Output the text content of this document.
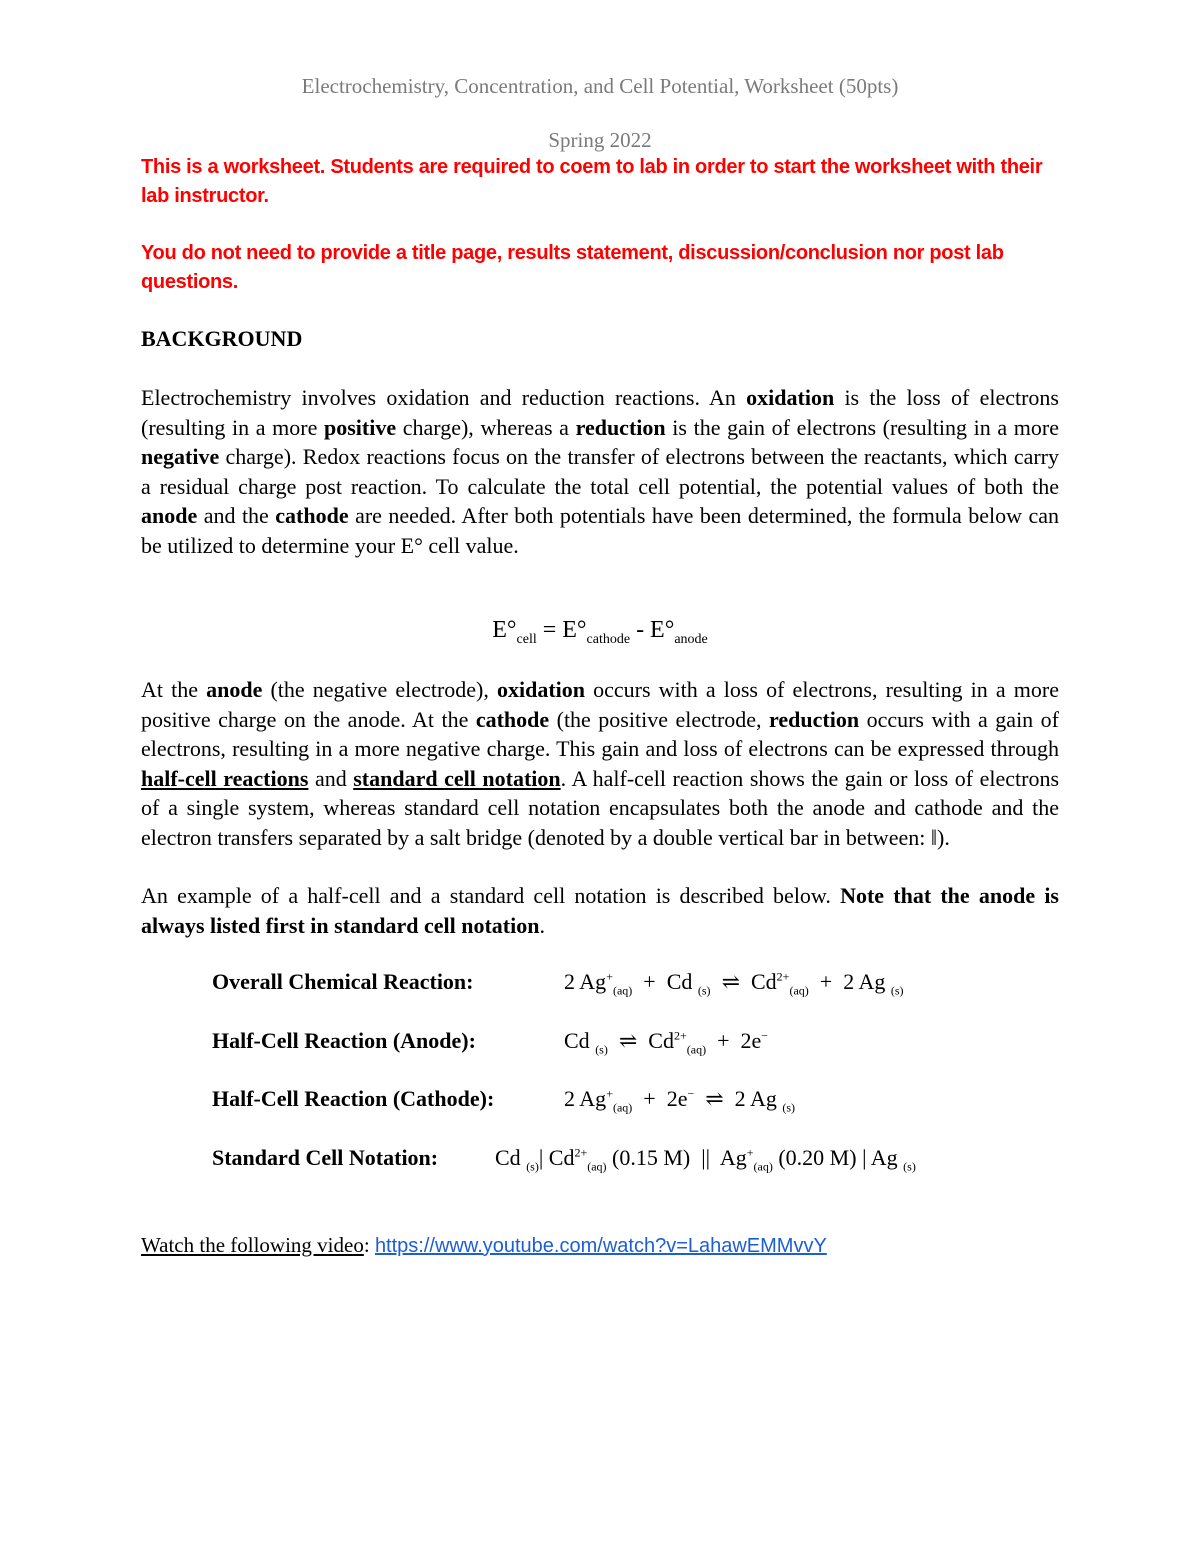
Electrochemistry, Concentration, and Cell Potential, Worksheet (50pts)
Spring 2022
This is a worksheet. Students are required to coem to lab in order to start the worksheet with their lab instructor.
You do not need to provide a title page, results statement, discussion/conclusion nor post lab questions.
BACKGROUND
Electrochemistry involves oxidation and reduction reactions. An oxidation is the loss of electrons (resulting in a more positive charge), whereas a reduction is the gain of electrons (resulting in a more negative charge). Redox reactions focus on the transfer of electrons between the reactants, which carry a residual charge post reaction. To calculate the total cell potential, the potential values of both the anode and the cathode are needed. After both potentials have been determined, the formula below can be utilized to determine your E° cell value.
$E^\circ_{cell} = E^\circ_{cathode} - E^\circ_{anode}$
At the anode (the negative electrode), oxidation occurs with a loss of electrons, resulting in a more positive charge on the anode. At the cathode (the positive electrode, reduction occurs with a gain of electrons, resulting in a more negative charge. This gain and loss of electrons can be expressed through half-cell reactions and standard cell notation. A half-cell reaction shows the gain or loss of electrons of a single system, whereas standard cell notation encapsulates both the anode and cathode and the electron transfers separated by a salt bridge (denoted by a double vertical bar in between: ‖).
An example of a half-cell and a standard cell notation is described below. Note that the anode is always listed first in standard cell notation.
Overall Chemical Reaction:	2 $Ag^+_{(aq)} + Cd$ $_{(s)}$  ⇌  $Cd^{2+}_{(aq)} + 2$ Ag $_{(s)}$
Half-Cell Reaction (Anode):	Cd $_{(s)}$  ⇌  $Cd^{2+}_{(aq)} + 2e^-$
Half-Cell Reaction (Cathode):	2 $Ag^+_{(aq)} + 2e^-$  ⇌  2 Ag $_{(s)}$
Standard Cell Notation:	Cd $_{(s)}$| $Cd^{2+}_{(aq)}$ (0.15 M)  ||  $Ag^+_{(aq)}$ (0.20 M) | Ag $_{(s)}$
Watch the following video: https://www.youtube.com/watch?v=LahawEMMvvY
